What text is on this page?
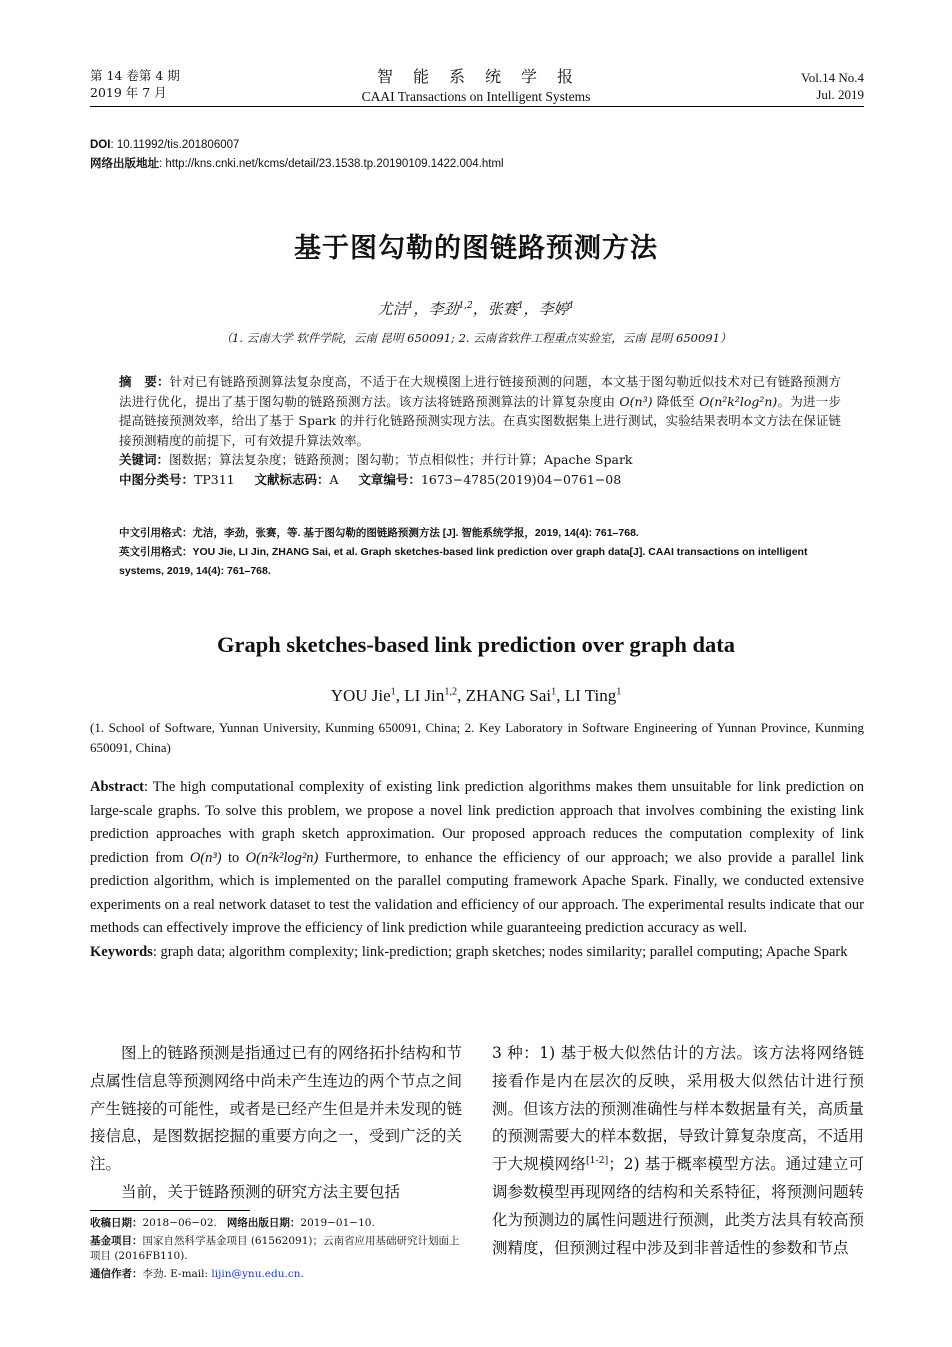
第 14 卷第 4 期
2019 年 7 月
智　能　系　统　学　报
CAAI Transactions on Intelligent Systems
Vol.14 No.4
Jul. 2019
DOI: 10.11992/tis.201806007
网络出版地址: http://kns.cnki.net/kcms/detail/23.1538.tp.20190109.1422.004.html
基于图勾勒的图链路预测方法
尤洁$^1$，李劲$^{1,2}$，张赛$^1$，李婷$^1$
（1. 云南大学 软件学院，云南 昆明 650091; 2. 云南省软件工程重点实验室，云南 昆明 650091）
摘　要：针对已有链路预测算法复杂度高，不适于在大规模图上进行链接预测的问题，本文基于图勾勒近似技术对已有链路预测方法进行优化，提出了基于图勾勒的链路预测方法。该方法将链路预测算法的计算复杂度由 O(n³) 降低至 O(n²k²log²n)。为进一步提高链接预测效率，给出了基于 Spark 的并行化链路预测实现方法。在真实图数据集上进行测试，实验结果表明本文方法在保证链接预测精度的前提下，可有效提升算法效率。
关键词：图数据；算法复杂度；链路预测；图勾勒；节点相似性；并行计算；Apache Spark
中图分类号：TP311 文献标志码：A 文章编号：1673−4785(2019)04−0761−08
中文引用格式：尤洁，李劲，张赛，等. 基于图勾勒的图链路预测方法 [J]. 智能系统学报，2019, 14(4): 761–768.
英文引用格式：YOU Jie, LI Jin, ZHANG Sai, et al. Graph sketches-based link prediction over graph data[J]. CAAI transactions on intelligent systems, 2019, 14(4): 761–768.
Graph sketches-based link prediction over graph data
YOU Jie$^1$, LI Jin$^{1,2}$, ZHANG Sai$^1$, LI Ting$^1$
(1. School of Software, Yunnan University, Kunming 650091, China; 2. Key Laboratory in Software Engineering of Yunnan Province, Kunming 650091, China)
Abstract: The high computational complexity of existing link prediction algorithms makes them unsuitable for link prediction on large-scale graphs. To solve this problem, we propose a novel link prediction approach that involves combining the existing link prediction approaches with graph sketch approximation. Our proposed approach reduces the computation complexity of link prediction from O(n³) to O(n²k²log²n) Furthermore, to enhance the efficiency of our approach; we also provide a parallel link prediction algorithm, which is implemented on the parallel computing framework Apache Spark. Finally, we conducted extensive experiments on a real network dataset to test the validation and efficiency of our approach. The experimental results indicate that our methods can effectively improve the efficiency of link prediction while guaranteeing prediction accuracy as well.
Keywords: graph data; algorithm complexity; link-prediction; graph sketches; nodes similarity; parallel computing; Apache Spark
图上的链路预测是指通过已有的网络拓扑结构和节点属性信息等预测网络中尚未产生连边的两个节点之间产生链接的可能性，或者是已经产生但是并未发现的链接信息，是图数据挖掘的重要方向之一，受到广泛的关注。
当前，关于链路预测的研究方法主要包括
收稿日期：2018−06−02. 网络出版日期：2019−01−10.
基金项目：国家自然科学基金项目 (61562091)；云南省应用基础研究计划面上项目 (2016FB110).
通信作者：李劲. E-mail: lijin@ynu.edu.cn.
3 种：1) 基于极大似然估计的方法。该方法将网络链接看作是内在层次的反映，采用极大似然估计进行预测。但该方法的预测准确性与样本数据量有关，高质量的预测需要大的样本数据，导致计算复杂度高，不适用于大规模网络[1-2]；2) 基于概率模型方法。通过建立可调参数模型再现网络的结构和关系特征，将预测问题转化为预测边的属性问题进行预测，此类方法具有较高预测精度，但预测过程中涉及到非普适性的参数和节点
